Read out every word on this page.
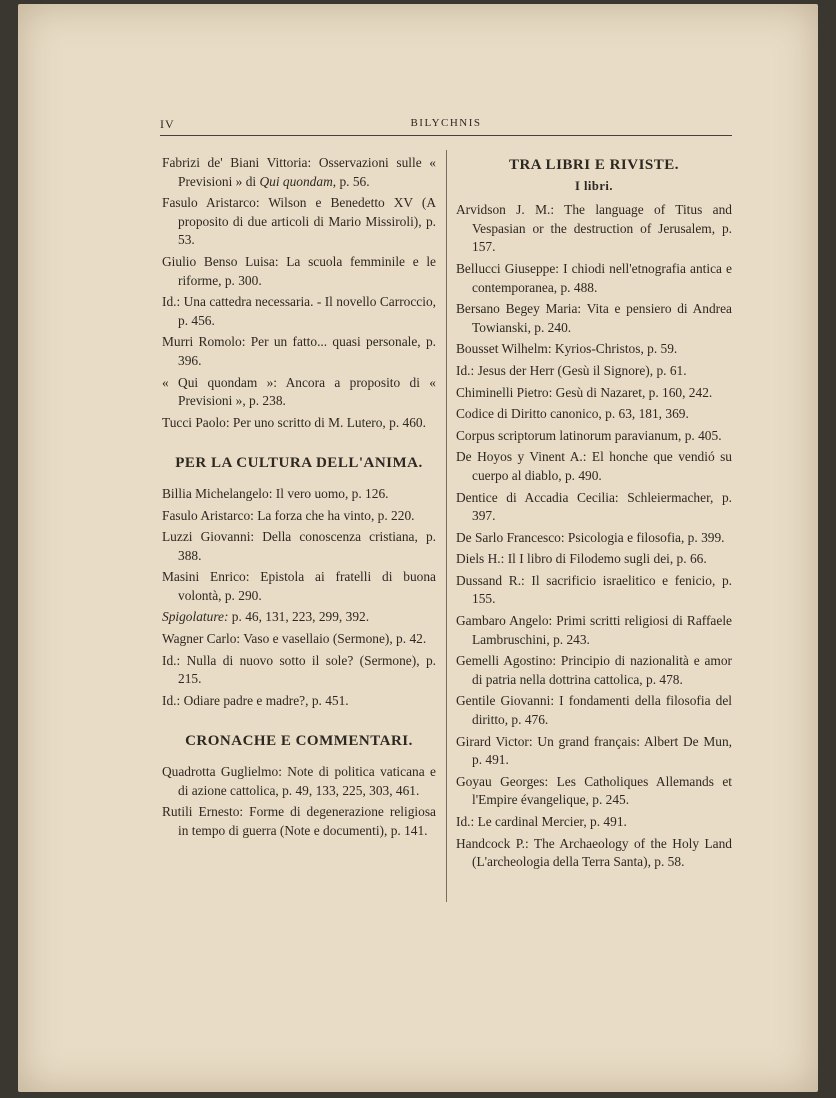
IV	BILYCHNIS

Fabrizi de' Biani Vittoria: Osservazioni sulle « Previsioni » di Qui quondam, p. 56.

Fasulo Aristarco: Wilson e Benedetto XV (A proposito di due articoli di Mario Missiroli), p. 53.

Giulio Benso Luisa: La scuola femminile e le riforme, p. 300.

Id.: Una cattedra necessaria. - Il novello Carroccio, p. 456.

Murri Romolo: Per un fatto... quasi personale, p. 396.

« Qui quondam »: Ancora a proposito di « Previsioni », p. 238.

Tucci Paolo: Per uno scritto di M. Lutero, p. 460.

PER LA CULTURA DELL'ANIMA.

Billia Michelangelo: Il vero uomo, p. 126.

Fasulo Aristarco: La forza che ha vinto, p. 220.

Luzzi Giovanni: Della conoscenza cristiana, p. 388.

Masini Enrico: Epistola ai fratelli di buona volontà, p. 290.

Spigolature: p. 46, 131, 223, 299, 392.

Wagner Carlo: Vaso e vasellaio (Sermone), p. 42.

Id.: Nulla di nuovo sotto il sole? (Sermone), p. 215.

Id.: Odiare padre e madre?, p. 451.

CRONACHE E COMMENTARI.

Quadrotta Guglielmo: Note di politica vaticana e di azione cattolica, p. 49, 133, 225, 303, 461.

Rutili Ernesto: Forme di degenerazione religiosa in tempo di guerra (Note e documenti), p. 141.

TRA LIBRI E RIVISTE.
I libri.

Arvidson J. M.: The language of Titus and Vespasian or the destruction of Jerusalem, p. 157.

Bellucci Giuseppe: I chiodi nell'etnografia antica e contemporanea, p. 488.

Bersano Begey Maria: Vita e pensiero di Andrea Towianski, p. 240.

Bousset Wilhelm: Kyrios-Christos, p. 59.

Id.: Jesus der Herr (Gesù il Signore), p. 61.

Chiminelli Pietro: Gesù di Nazaret, p. 160, 242.

Codice di Diritto canonico, p. 63, 181, 369.

Corpus scriptorum latinorum paravianum, p. 405.

De Hoyos y Vinent A.: El honche que vendió su cuerpo al diablo, p. 490.

Dentice di Accadia Cecilia: Schleiermacher, p. 397.

De Sarlo Francesco: Psicologia e filosofia, p. 399.

Diels H.: Il I libro di Filodemo sugli dei, p. 66.

Dussand R.: Il sacrificio israelitico e fenicio, p. 155.

Gambaro Angelo: Primi scritti religiosi di Raffaele Lambruschini, p. 243.

Gemelli Agostino: Principio di nazionalità e amor di patria nella dottrina cattolica, p. 478.

Gentile Giovanni: I fondamenti della filosofia del diritto, p. 476.

Girard Victor: Un grand français: Albert De Mun, p. 491.

Goyau Georges: Les Catholiques Allemands et l'Empire évangelique, p. 245.

Id.: Le cardinal Mercier, p. 491.

Handcock P.: The Archaeology of the Holy Land (L'archeologia della Terra Santa), p. 58.
